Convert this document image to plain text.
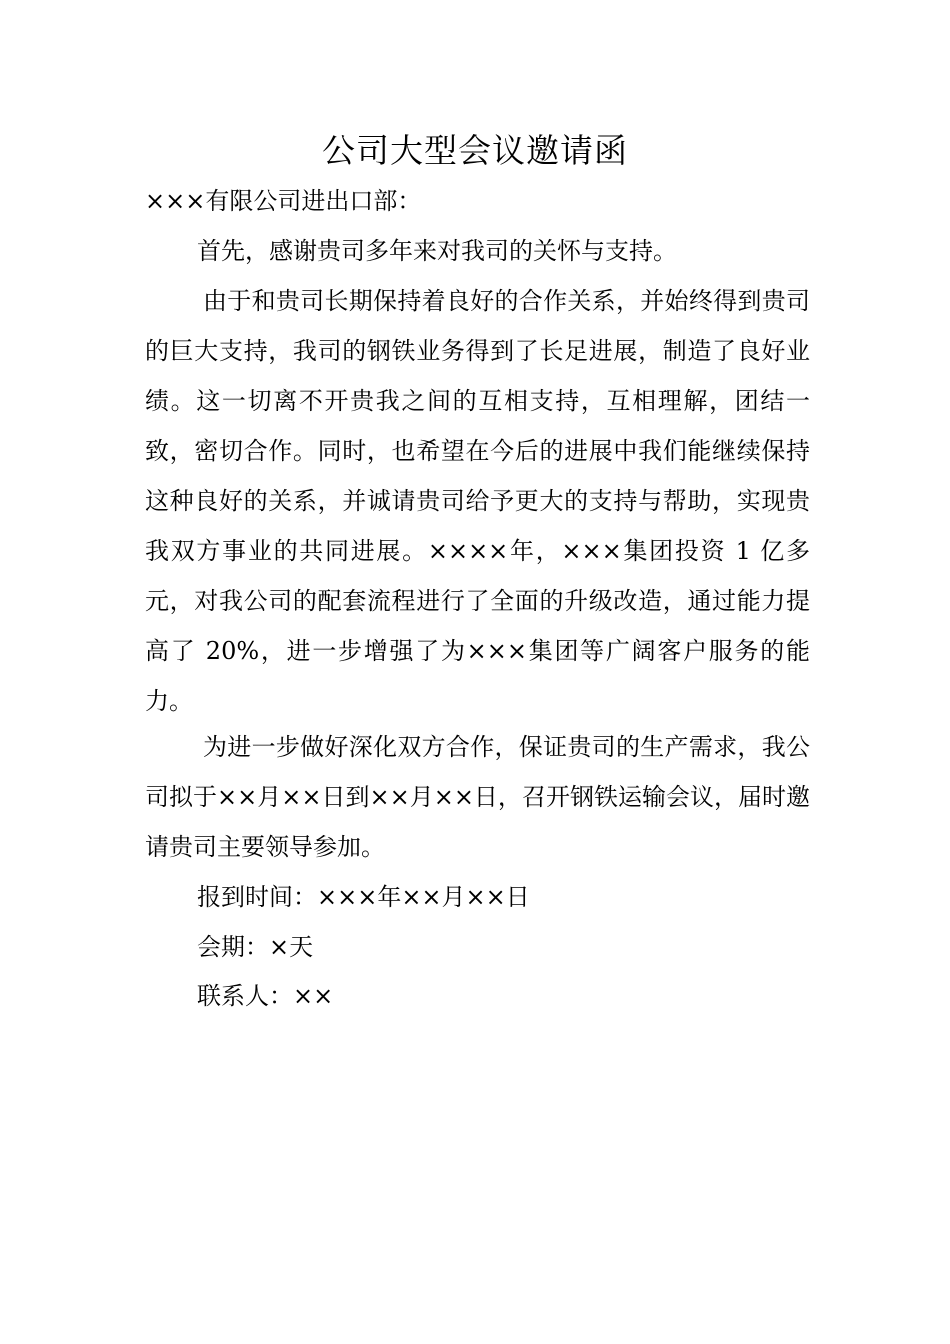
公司大型会议邀请函
×××有限公司进出口部：

首先，感谢贵司多年来对我司的关怀与支持。

由于和贵司长期保持着良好的合作关系，并始终得到贵司的巨大支持，我司的钢铁业务得到了长足进展，制造了良好业绩。这一切离不开贵我之间的互相支持，互相理解，团结一致，密切合作。同时，也希望在今后的进展中我们能继续保持这种良好的关系，并诚请贵司给予更大的支持与帮助，实现贵我双方事业的共同进展。××××年，×××集团投资 1 亿多元，对我公司的配套流程进行了全面的升级改造，通过能力提高了 20%，进一步增强了为×××集团等广阔客户服务的能力。

为进一步做好深化双方合作，保证贵司的生产需求，我公司拟于××月××日到××月××日，召开钢铁运输会议，届时邀请贵司主要领导参加。

报到时间：×××年××月××日
会期：×天
联系人：××
